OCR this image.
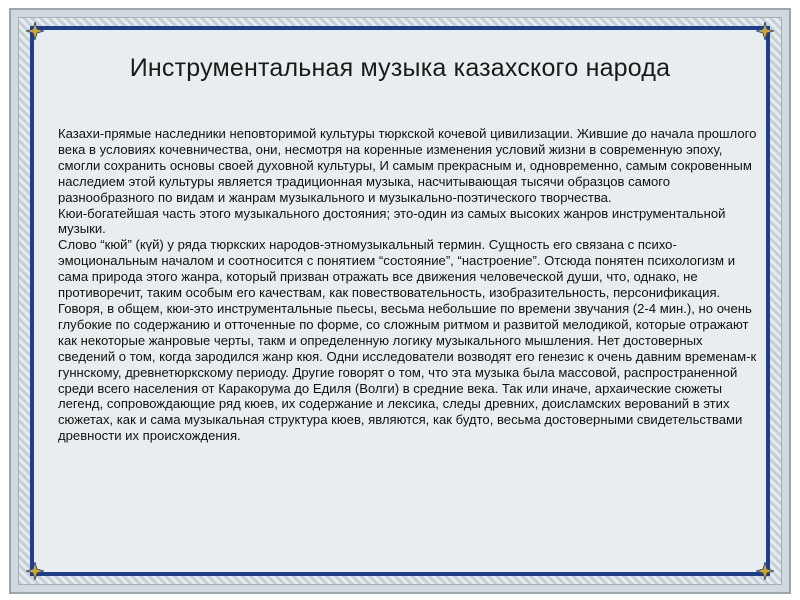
Инструментальная музыка казахского народа

Казахи-прямые наследники неповторимой культуры тюркской кочевой цивилизации. Жившие до начала прошлого века в условиях кочевничества, они, несмотря на коренные изменения условий жизни в современную эпоху, смогли сохранить основы своей духовной культуры, И самым прекрасным и, одновременно, самым сокровенным наследием этой культуры является традиционная музыка, насчитывающая тысячи образцов самого разнообразного по видам и жанрам музыкального и музыкально-поэтического творчества.

Кюи-богатейшая часть этого музыкального достояния; это-один из самых высоких жанров инструментальной музыки.

Слово “кюй” (күй) у ряда тюркских народов-этномузыкальный термин. Сущность его связана с психо-эмоциональным началом и соотносится с понятием “состояние”, “настроение”. Отсюда понятен психологизм и сама природа этого жанра, который призван отражать все движения человеческой души, что, однако, не противоречит, таким особым его качествам, как повествовательность, изобразительность, персонификация. Говоря, в общем, кюи-это инструментальные пьесы, весьма небольшие по времени звучания (2-4 мин.), но очень глубокие по содержанию и отточенные по форме, со сложным ритмом и развитой мелодикой, которые отражают как некоторые жанровые черты, такм и определенную логику музыкального мышления. Нет достоверных сведений о том, когда зародился жанр кюя. Одни исследователи возводят его генезис к очень давним временам-к гуннскому, древнетюркскому периоду. Другие говорят о том, что эта музыка была массовой, распространенной среди всего населения от Каракорума до Едиля (Волги) в средние века. Так или иначе, архаические сюжеты легенд, сопровождающие ряд кюев, их содержание и лексика, следы древних, доисламских верований в этих сюжетах, как и сама музыкальная структура кюев, являются, как будто, весьма достоверными свидетельствами древности их происхождения.
